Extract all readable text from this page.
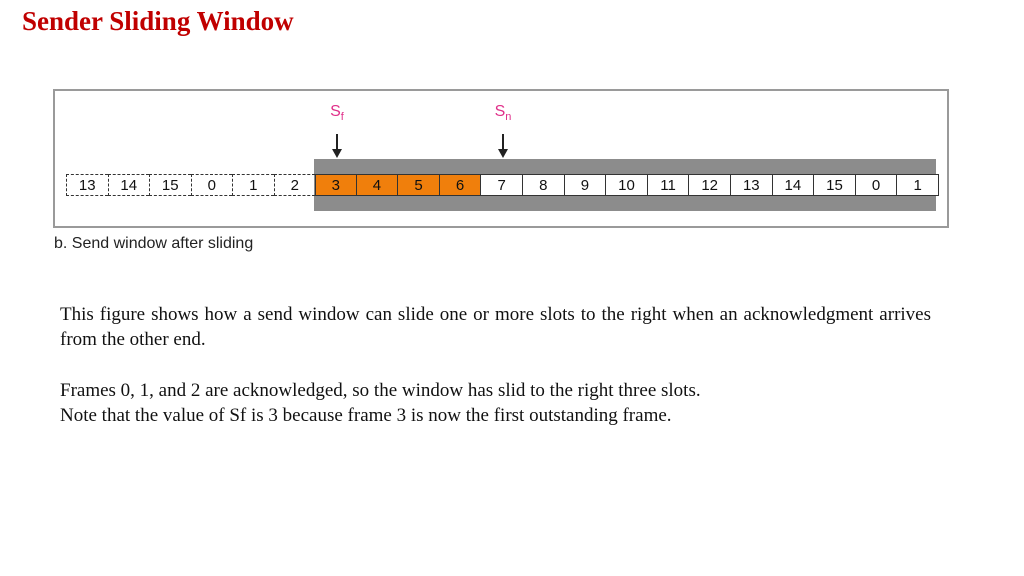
Sender Sliding Window
$S_f$	$S_n$
13	14	15	0	1	2	3	4	5	6	7	8	9	10	11	12	13	14	15	0	1
b. Send window after sliding
This figure shows how a send window can slide one or more slots to the right when an acknowledgment arrives from the other end.
Frames 0, 1, and 2 are acknowledged, so the window has slid to the right three slots.
Note that the value of Sf is 3 because frame 3 is now the first outstanding frame.
